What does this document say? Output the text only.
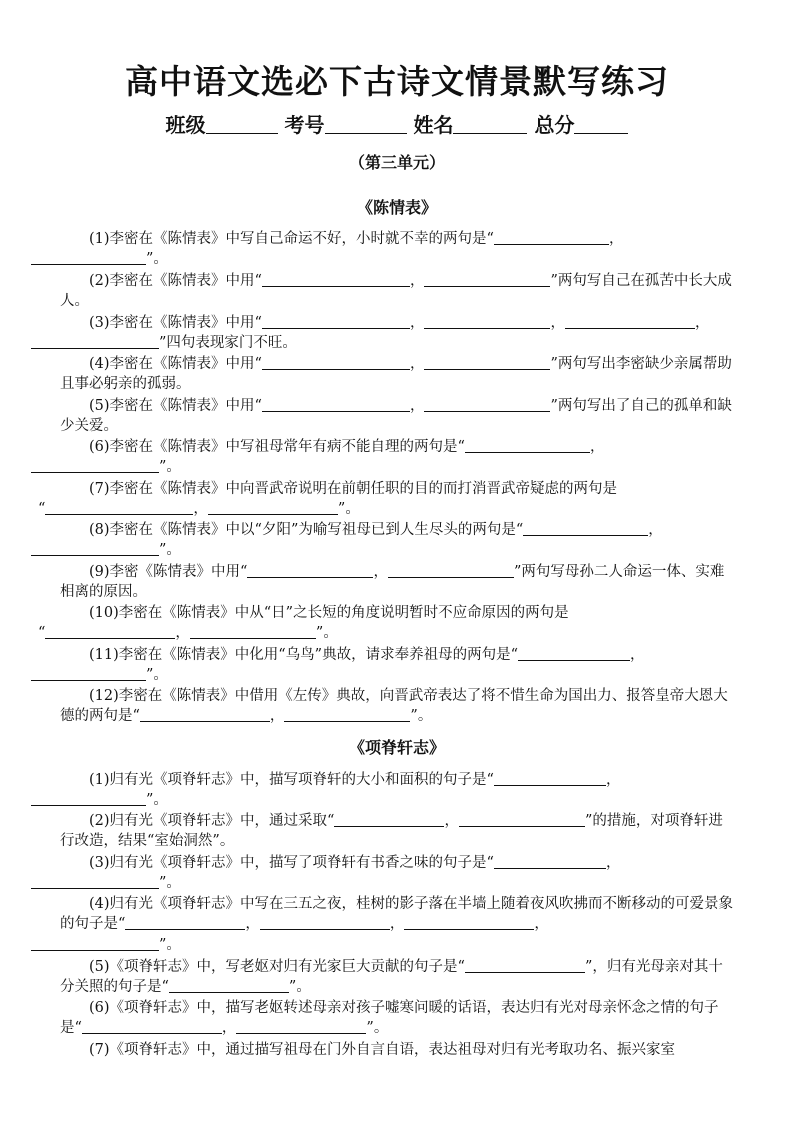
高中语文选必下古诗文情景默写练习
班级	考号	姓名	总分
（第三单元）
《陈情表》
(1)李密在《陈情表》中写自己命运不好，小时就不幸的两句是“	，
”。
(2)李密在《陈情表》中用“	，	”两句写自己在孤苦中长大成人。
(3)李密在《陈情表》中用“	，	，	，
”四句表现家门不旺。
(4)李密在《陈情表》中用“	，	”两句写出李密缺少亲属帮助且事必躬亲的孤弱。
(5)李密在《陈情表》中用“	，	”两句写出了自己的孤单和缺少关爱。
(6)李密在《陈情表》中写祖母常年有病不能自理的两句是“	，
”。
(7)李密在《陈情表》中向晋武帝说明在前朝任职的目的而打消晋武帝疑虑的两句是
“	，	”。
(8)李密在《陈情表》中以“夕阳”为喻写祖母已到人生尽头的两句是“	，
”。
(9)李密《陈情表》中用“	，	”两句写母孙二人命运一体、实难相离的原因。
(10)李密在《陈情表》中从“日”之长短的角度说明暂时不应命原因的两句是
“	，	”。
(11)李密在《陈情表》中化用“乌鸟”典故，请求奉养祖母的两句是“	，
”。
(12)李密在《陈情表》中借用《左传》典故，向晋武帝表达了将不惜生命为国出力、报答皇帝大恩大德的两句是“	，	”。
《项脊轩志》
(1)归有光《项脊轩志》中，描写项脊轩的大小和面积的句子是“	，
”。
(2)归有光《项脊轩志》中，通过采取“	，	”的措施，对项脊轩进行改造，结果“室始洞然”。
(3)归有光《项脊轩志》中，描写了项脊轩有书香之味的句子是“	，
”。
(4)归有光《项脊轩志》中写在三五之夜，桂树的影子落在半墙上随着夜风吹拂而不断移动的可爱景象的句子是“	，	，	，
”。
(5)《项脊轩志》中，写老妪对归有光家巨大贡献的句子是“	”，归有光母亲对其十分关照的句子是“	”。
(6)《项脊轩志》中，描写老妪转述母亲对孩子嘘寒问暖的话语，表达归有光对母亲怀念之情的句子是“	，	”。
(7)《项脊轩志》中，通过描写祖母在门外自言自语，表达祖母对归有光考取功名、振兴家室
